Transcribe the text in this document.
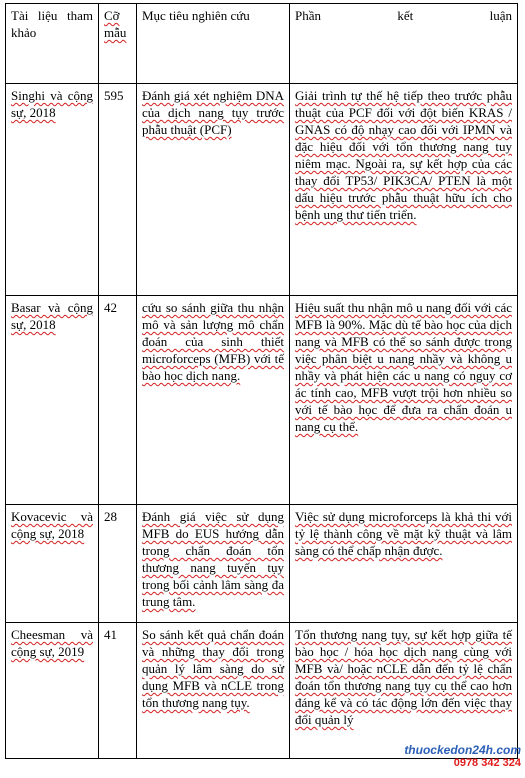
Tài liệu tham khảo	Cỡ mẫu	Mục tiêu nghiên cứu	Phần kết luận

Singhi và cộng sự, 2018	595	Đánh giá xét nghiệm DNA của dịch nang tụy trước phẫu thuật (PCF)	Giải trình tự thế hệ tiếp theo trước phẫu thuật của PCF đối với đột biến KRAS / GNAS có độ nhạy cao đối với IPMN và đặc hiệu đối với tổn thương nang tuy niêm mạc. Ngoài ra, sự kết hợp của các thay đổi TP53/ PIK3CA/ PTEN là một dấu hiệu trước phẫu thuật hữu ích cho bệnh ung thư tiến triển.
Basar và cộng sự, 2018	42	cứu so sánh giữa thu nhận mô và sản lượng mô chẩn đoán của sinh thiết microforceps (MFB) với tế bào học dịch nang.	Hiệu suất thu nhận mô u nang đối với các MFB là 90%. Mặc dù tế bào học của dịch nang và MFB có thể so sánh được trong việc phân biệt u nang nhầy và không u nhầy và phát hiện các u nang có nguy cơ ác tính cao, MFB vượt trội hơn nhiều so với tế bào học để đưa ra chẩn đoán u nang cụ thể.
Kovacevic và cộng sự, 2018	28	Đánh giá việc sử dụng MFB do EUS hướng dẫn trong chẩn đoán tổn thương nang tuyến tụy trong bối cảnh lâm sàng đa trung tâm.	Việc sử dụng microforceps là khả thi với tỷ lệ thành công về mặt kỹ thuật và lâm sàng có thể chấp nhận được.
Cheesman và cộng sự, 2019	41	So sánh kết quả chẩn đoán và những thay đổi trong quản lý lâm sàng do sử dụng MFB và nCLE trong tổn thương nang tụy.	Tổn thương nang tụy, sự kết hợp giữa tế bào học / hóa học dịch nang cùng với MFB và/ hoặc nCLE dẫn đến tỷ lệ chẩn đoán tổn thương nang tụy cụ thể cao hơn đáng kể và có tác động lớn đến việc thay đổi quản lý
thuockedon24h.com
0978 342 324
